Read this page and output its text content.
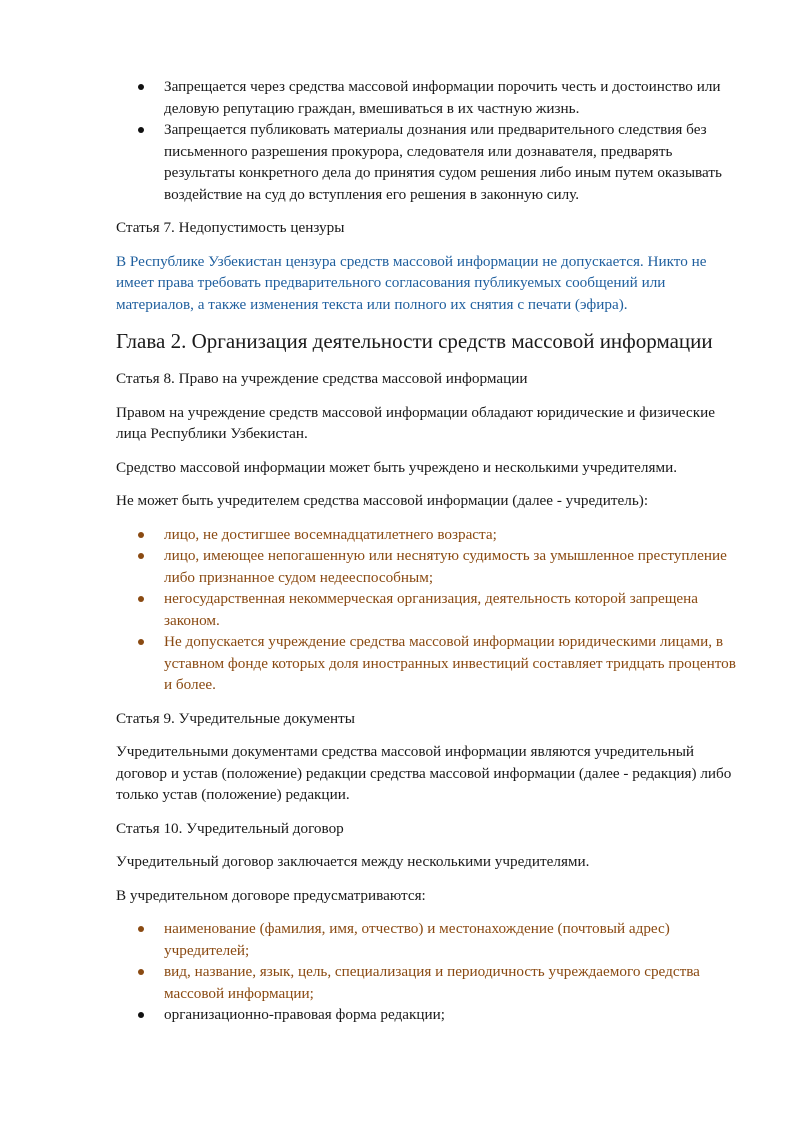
Запрещается через средства массовой информации порочить честь и достоинство или деловую репутацию граждан, вмешиваться в их частную жизнь.
Запрещается публиковать материалы дознания или предварительного следствия без письменного разрешения прокурора, следователя или дознавателя, предварять результаты конкретного дела до принятия судом решения либо иным путем оказывать воздействие на суд до вступления его решения в законную силу.

Статья 7. Недопустимость цензуры

В Республике Узбекистан цензура средств массовой информации не допускается. Никто не имеет права требовать предварительного согласования публикуемых сообщений или материалов, а также изменения текста или полного их снятия с печати (эфира).

Глава 2. Организация деятельности средств массовой информации

Статья 8. Право на учреждение средства массовой информации

Правом на учреждение средств массовой информации обладают юридические и физические лица Республики Узбекистан.

Средство массовой информации может быть учреждено и несколькими учредителями.

Не может быть учредителем средства массовой информации (далее - учредитель):

лицо, не достигшее восемнадцатилетнего возраста;
лицо, имеющее непогашенную или неснятую судимость за умышленное преступление либо признанное судом недееспособным;
негосударственная некоммерческая организация, деятельность которой запрещена законом.
Не допускается учреждение средства массовой информации юридическими лицами, в уставном фонде которых доля иностранных инвестиций составляет тридцать процентов и более.

Статья 9. Учредительные документы

Учредительными документами средства массовой информации являются учредительный договор и устав (положение) редакции средства массовой информации (далее - редакция) либо только устав (положение) редакции.

Статья 10. Учредительный договор

Учредительный договор заключается между несколькими учредителями.

В учредительном договоре предусматриваются:

наименование (фамилия, имя, отчество) и местонахождение (почтовый адрес) учредителей;
вид, название, язык, цель, специализация и периодичность учреждаемого средства массовой информации;
организационно-правовая форма редакции;
